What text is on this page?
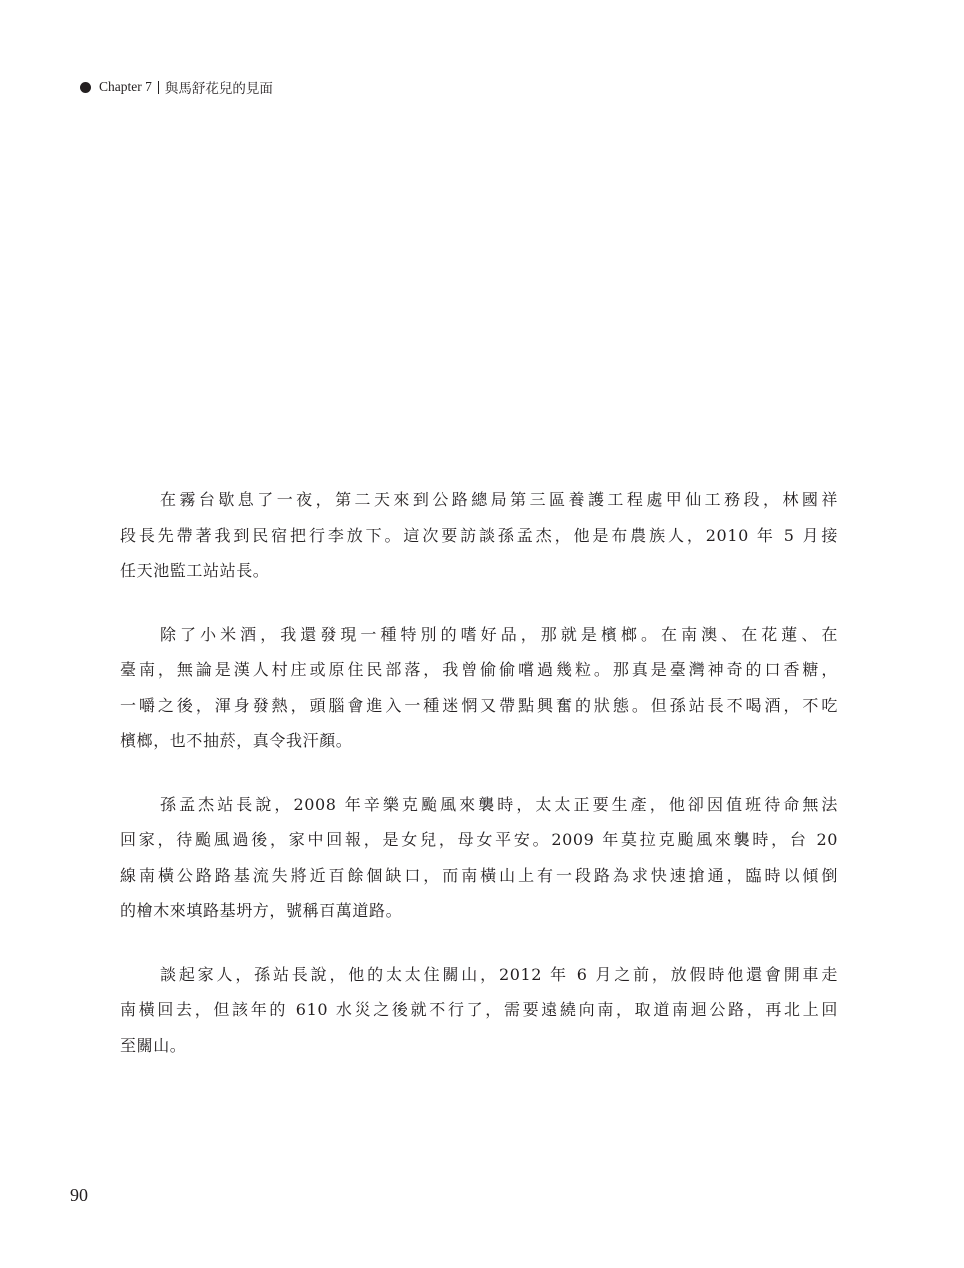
Chapter 7 與馬舒花兒的見面

在霧台歇息了一夜，第二天來到公路總局第三區養護工程處甲仙工務段，林國祥
段長先帶著我到民宿把行李放下。這次要訪談孫孟杰，他是布農族人，2010 年 5 月接
任天池監工站站長。

除了小米酒，我還發現一種特別的嗜好品，那就是檳榔。在南澳、在花蓮、在
臺南，無論是漢人村庄或原住民部落，我曾偷偷嚐過幾粒。那真是臺灣神奇的口香糖，
一嚼之後，渾身發熱，頭腦會進入一種迷惘又帶點興奮的狀態。但孫站長不喝酒，不吃
檳榔，也不抽菸，真令我汗顏。

孫孟杰站長說，2008 年辛樂克颱風來襲時，太太正要生產，他卻因值班待命無法
回家，待颱風過後，家中回報，是女兒，母女平安。2009 年莫拉克颱風來襲時，台 20
線南橫公路路基流失將近百餘個缺口，而南橫山上有一段路為求快速搶通，臨時以傾倒
的檜木來填路基坍方，號稱百萬道路。

談起家人，孫站長說，他的太太住關山，2012 年 6 月之前，放假時他還會開車走
南橫回去，但該年的 610 水災之後就不行了，需要遠繞向南，取道南迴公路，再北上回
至關山。

90
